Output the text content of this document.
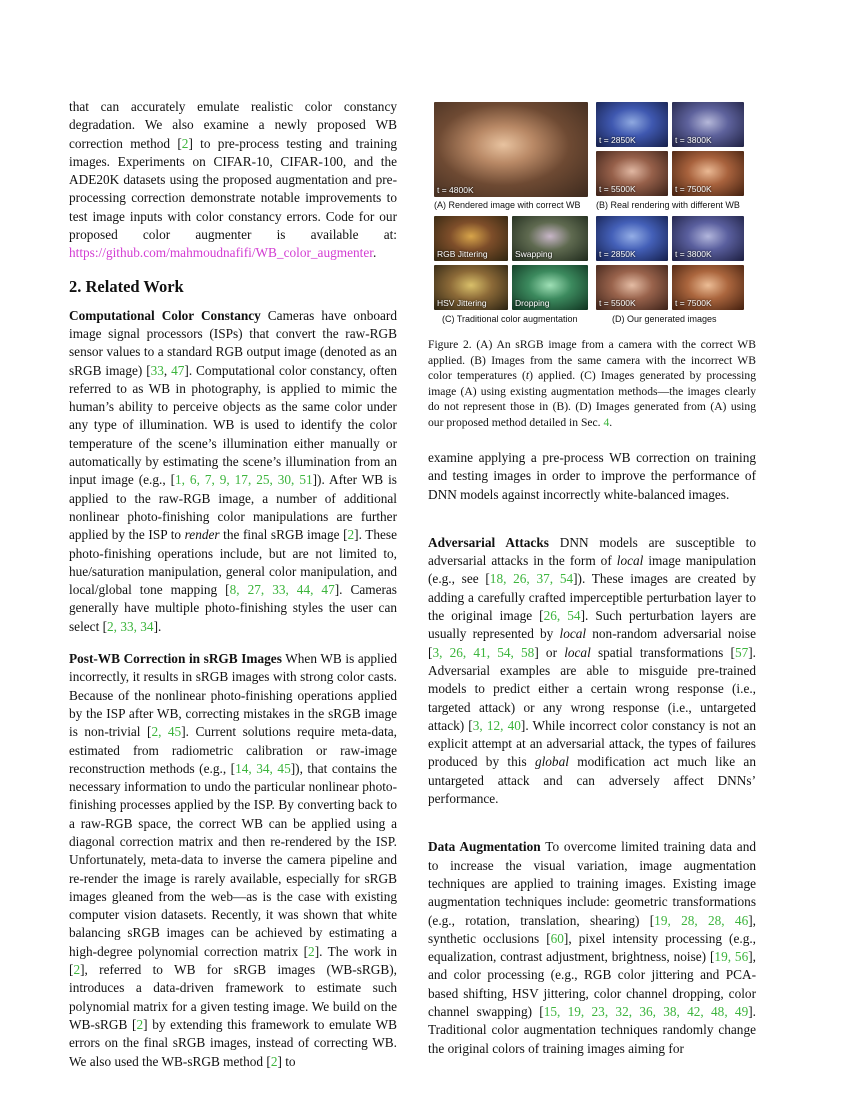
that can accurately emulate realistic color constancy degradation. We also examine a newly proposed WB correction method [2] to pre-process testing and training images. Experiments on CIFAR-10, CIFAR-100, and the ADE20K datasets using the proposed augmentation and pre-processing correction demonstrate notable improvements to test image inputs with color constancy errors. Code for our proposed color augmenter is available at: https://github.com/mahmoudnafifi/WB_color_augmenter.

2. Related Work

Computational Color Constancy Cameras have onboard image signal processors (ISPs) that convert the raw-RGB sensor values to a standard RGB output image (denoted as an sRGB image) [33, 47]. Computational color constancy, often referred to as WB in photography, is applied to mimic the human’s ability to perceive objects as the same color under any type of illumination. WB is used to identify the color temperature of the scene’s illumination either manually or automatically by estimating the scene’s illumination from an input image (e.g., [1, 6, 7, 9, 17, 25, 30, 51]). After WB is applied to the raw-RGB image, a number of additional nonlinear photo-finishing color manipulations are further applied by the ISP to render the final sRGB image [2]. These photo-finishing operations include, but are not limited to, hue/saturation manipulation, general color manipulation, and local/global tone mapping [8, 27, 33, 44, 47]. Cameras generally have multiple photo-finishing styles the user can select [2, 33, 34].

Post-WB Correction in sRGB Images When WB is applied incorrectly, it results in sRGB images with strong color casts. Because of the nonlinear photo-finishing operations applied by the ISP after WB, correcting mistakes in the sRGB image is non-trivial [2, 45]. Current solutions require meta-data, estimated from radiometric calibration or raw-image reconstruction methods (e.g., [14, 34, 45]), that contains the necessary information to undo the particular nonlinear photo-finishing processes applied by the ISP. By converting back to a raw-RGB space, the correct WB can be applied using a diagonal correction matrix and then re-rendered by the ISP. Unfortunately, meta-data to inverse the camera pipeline and re-render the image is rarely available, especially for sRGB images gleaned from the web—as is the case with existing computer vision datasets. Recently, it was shown that white balancing sRGB images can be achieved by estimating a high-degree polynomial correction matrix [2]. The work in [2], referred to WB for sRGB images (WB-sRGB), introduces a data-driven framework to estimate such polynomial matrix for a given testing image. We build on the WB-sRGB [2] by extending this framework to emulate WB errors on the final sRGB images, instead of correcting WB. We also used the WB-sRGB method [2] to

t = 4800K
t = 2850K	t = 3800K
t = 5500K	t = 7500K
(A) Rendered image with correct WB (B) Real rendering with different WB
RGB Jittering	Swapping
HSV Jittering	Dropping
t = 2850K	t = 3800K
t = 5500K	t = 7500K
(C) Traditional color augmentation	(D) Our generated images
Figure 2. (A) An sRGB image from a camera with the correct WB applied. (B) Images from the same camera with the incorrect WB color temperatures (t) applied. (C) Images generated by processing image (A) using existing augmentation methods—the images clearly do not represent those in (B). (D) Images generated from (A) using our proposed method detailed in Sec. 4.

examine applying a pre-process WB correction on training and testing images in order to improve the performance of DNN models against incorrectly white-balanced images.

Adversarial Attacks DNN models are susceptible to adversarial attacks in the form of local image manipulation (e.g., see [18, 26, 37, 54]). These images are created by adding a carefully crafted imperceptible perturbation layer to the original image [26, 54]. Such perturbation layers are usually represented by local non-random adversarial noise [3, 26, 41, 54, 58] or local spatial transformations [57]. Adversarial examples are able to misguide pre-trained models to predict either a certain wrong response (i.e., targeted attack) or any wrong response (i.e., untargeted attack) [3, 12, 40]. While incorrect color constancy is not an explicit attempt at an adversarial attack, the types of failures produced by this global modification act much like an untargeted attack and can adversely affect DNNs’ performance.

Data Augmentation To overcome limited training data and to increase the visual variation, image augmentation techniques are applied to training images. Existing image augmentation techniques include: geometric transformations (e.g., rotation, translation, shearing) [19, 28, 28, 46], synthetic occlusions [60], pixel intensity processing (e.g., equalization, contrast adjustment, brightness, noise) [19, 56], and color processing (e.g., RGB color jittering and PCA-based shifting, HSV jittering, color channel dropping, color channel swapping) [15, 19, 23, 32, 36, 38, 42, 48, 49]. Traditional color augmentation techniques randomly change the original colors of training images aiming for
